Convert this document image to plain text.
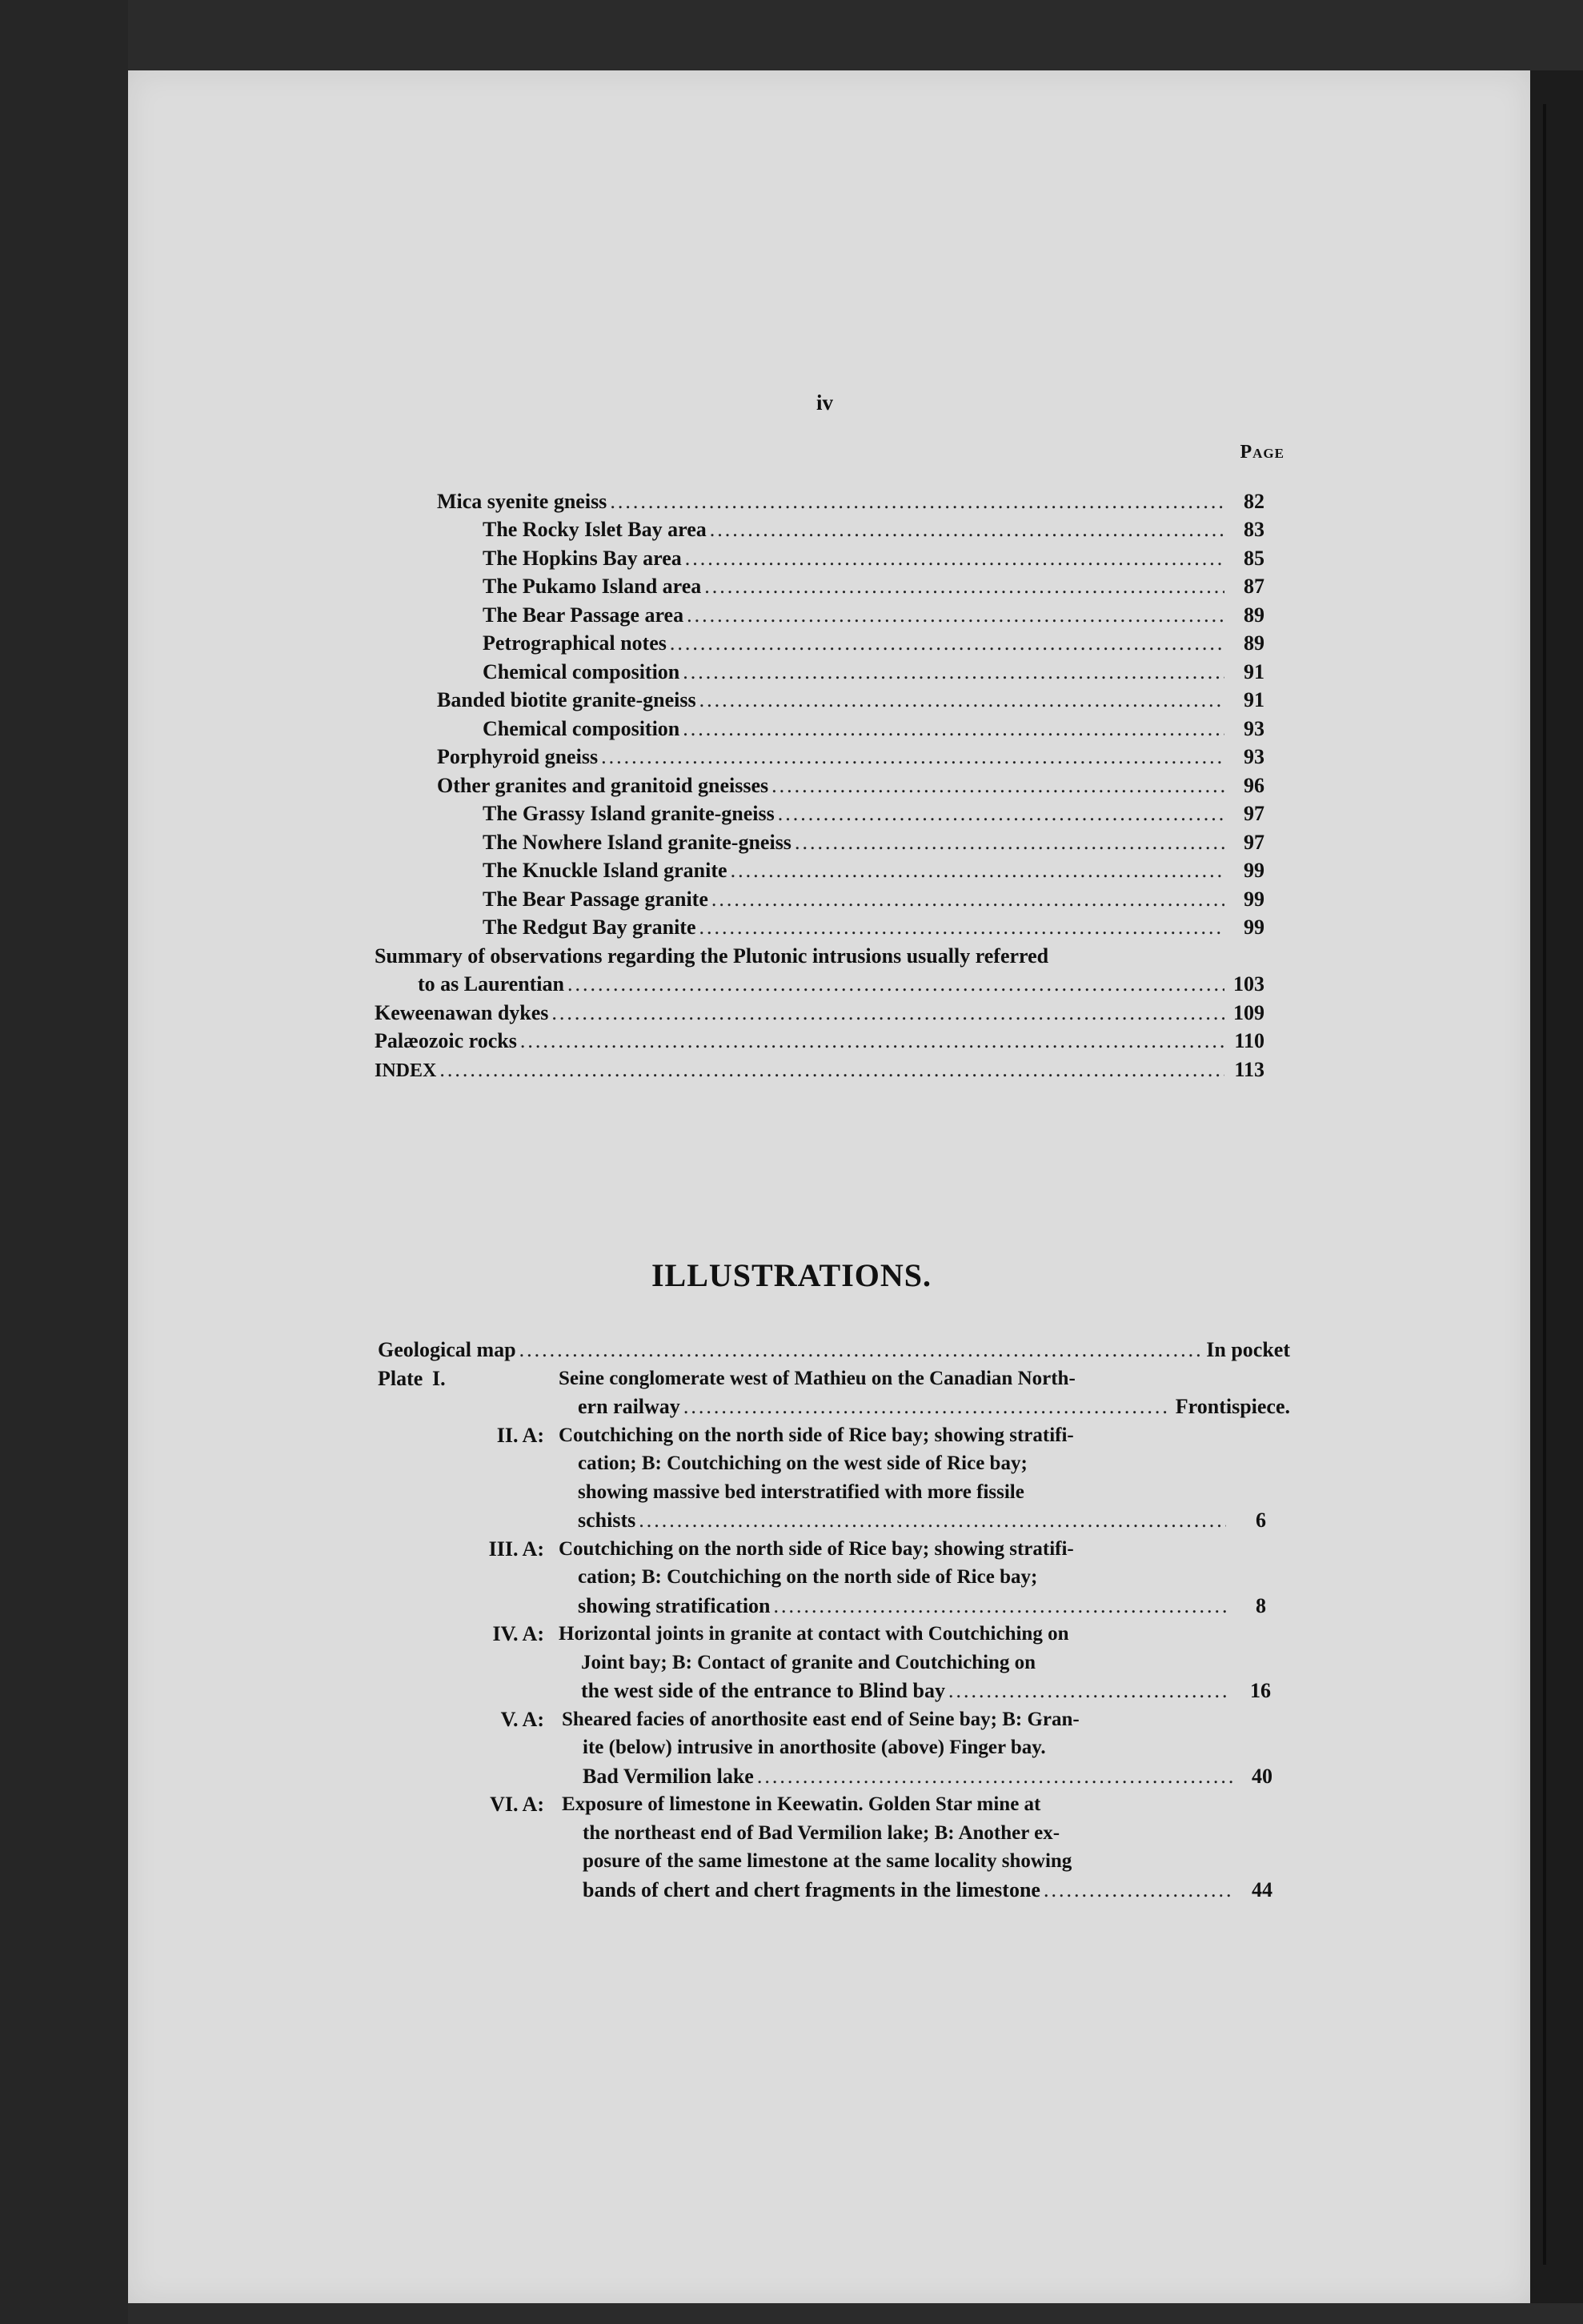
iv
Page
Mica syenite gneiss .....	82
The Rocky Islet Bay area .....	83
The Hopkins Bay area .....	85
The Pukamo Island area .....	87
The Bear Passage area .....	89
Petrographical notes .....	89
Chemical composition .....	91
Banded biotite granite-gneiss .....	91
Chemical composition .....	93
Porphyroid gneiss .....	93
Other granites and granitoid gneisses .....	96
The Grassy Island granite-gneiss .....	97
The Nowhere Island granite-gneiss .....	97
The Knuckle Island granite .....	99
The Bear Passage granite .....	99
The Redgut Bay granite .....	99
Summary of observations regarding the Plutonic intrusions usually referred
to as Laurentian .....	103
Keweenawan dykes .....	109
Palæozoic rocks .....	110
INDEX .....	113
ILLUSTRATIONS.
Geological map .....	In pocket
Plate I.	Seine conglomerate west of Mathieu on the Canadian North-
ern railway .....	Frontispiece.
II. A: Coutchiching on the north side of Rice bay; showing stratifi-
cation; B: Coutchiching on the west side of Rice bay;
showing massive bed interstratified with more fissile
schists .....	6
III. A: Coutchiching on the north side of Rice bay; showing stratifi-
cation; B: Coutchiching on the north side of Rice bay;
showing stratification .....	8
IV. A: Horizontal joints in granite at contact with Coutchiching on
Joint bay; B: Contact of granite and Coutchiching on
the west side of the entrance to Blind bay .....	16
V. A: Sheared facies of anorthosite east end of Seine bay; B: Gran-
ite (below) intrusive in anorthosite (above) Finger bay.
Bad Vermilion lake .....	40
VI. A: Exposure of limestone in Keewatin. Golden Star mine at
the northeast end of Bad Vermilion lake; B: Another ex-
posure of the same limestone at the same locality showing
bands of chert and chert fragments in the limestone .....	44
